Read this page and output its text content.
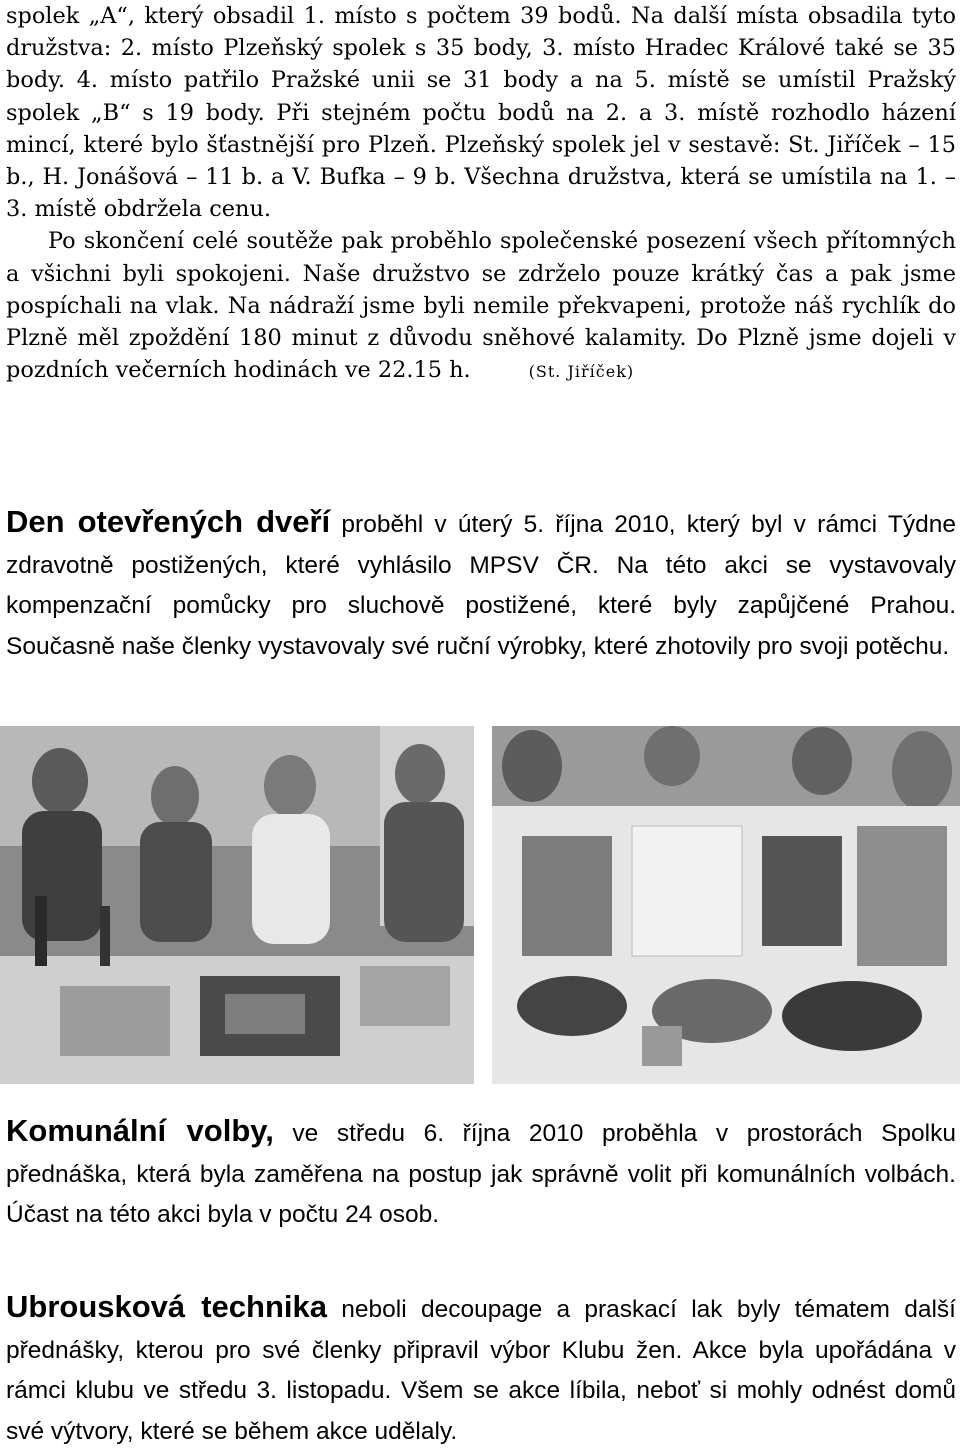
spolek „A“, který obsadil 1. místo s počtem 39 bodů. Na další místa obsadila tyto družstva: 2. místo Plzeňský spolek s 35 body, 3. místo Hradec Králové také se 35 body. 4. místo patřilo Pražské unii se 31 body a na 5. místě se umístil Pražský spolek „B“ s 19 body. Při stejném počtu bodů na 2. a 3. místě rozhodlo házení mincí, které bylo šťastnější pro Plzeň. Plzeňský spolek jel v sestavě: St. Jiříček – 15 b., H. Jonášová – 11 b. a V. Bufka – 9 b. Všechna družstva, která se umístila na 1. – 3. místě obdržela cenu.

Po skončení celé soutěže pak proběhlo společenské posezení všech přítomných a všichni byli spokojeni. Naše družstvo se zdrželo pouze krátký čas a pak jsme pospíchali na vlak. Na nádraží jsme byli nemile překvapeni, protože náš rychlík do Plzně měl zpoždění 180 minut z důvodu sněhové kalamity. Do Plzně jsme dojeli v pozdních večerních hodinách ve 22.15 h.	(St. Jiříček)

Den otevřených dveří proběhl v úterý 5. října 2010, který byl v rámci Týdne zdravotně postižených, které vyhlásilo MPSV ČR. Na této akci se vystavovaly kompenzační pomůcky pro sluchově postižené, které byly zapůjčené Prahou. Současně naše členky vystavovaly své ruční výrobky, které zhotovily pro svoji potěchu.

Komunální volby, ve středu 6. října 2010 proběhla v prostorách Spolku přednáška, která byla zaměřena na postup jak správně volit při komunálních volbách. Účast na této akci byla v počtu 24 osob.

Ubrousková technika neboli decoupage a praskací lak byly tématem další přednášky, kterou pro své členky připravil výbor Klubu žen. Akce byla upořádána v rámci klubu ve středu 3. listopadu. Všem se akce líbila, neboť si mohly odnést domů své výtvory, které se během akce udělaly.
